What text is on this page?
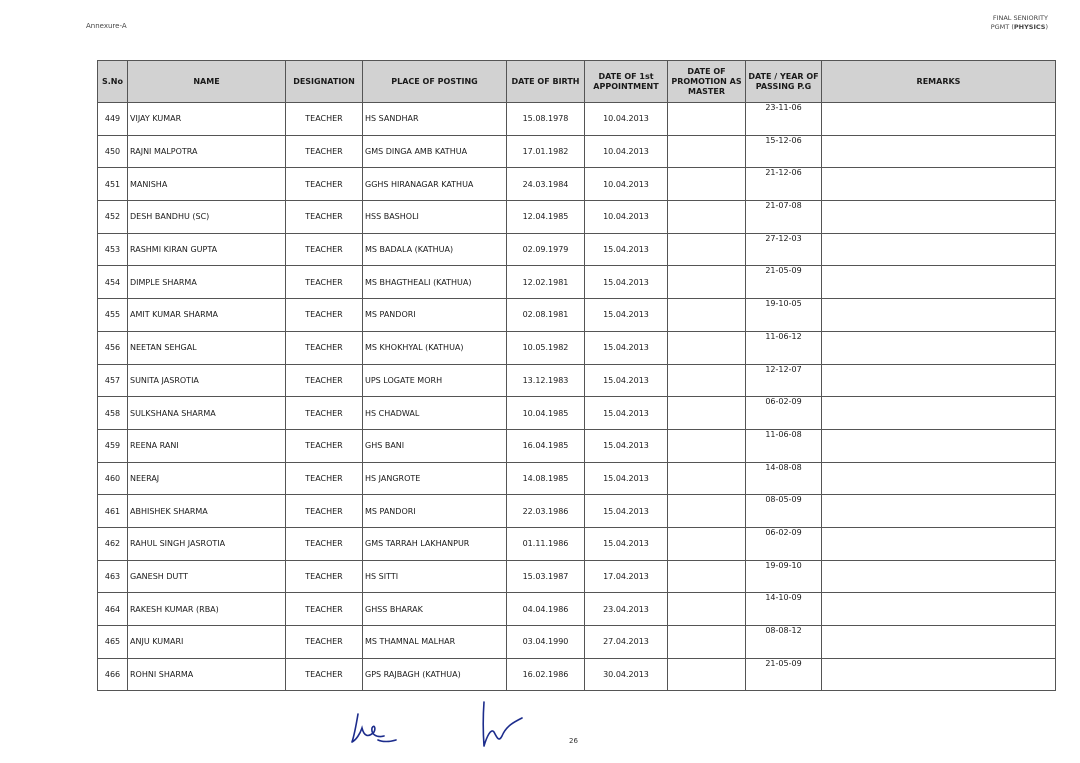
Annexure-A
FINAL SENIORITY
PGMT (PHYSICS)
S.No	NAME	DESIGNATION	PLACE OF POSTING	DATE OF BIRTH	DATE OF 1st APPOINTMENT	DATE OF PROMOTION AS MASTER	DATE / YEAR OF PASSING P.G	REMARKS
449	VIJAY KUMAR	TEACHER	HS SANDHAR	15.08.1978	10.04.2013		23-11-06	
450	RAJNI MALPOTRA	TEACHER	GMS DINGA AMB KATHUA	17.01.1982	10.04.2013		15-12-06	
451	MANISHA	TEACHER	GGHS HIRANAGAR KATHUA	24.03.1984	10.04.2013		21-12-06	
452	DESH BANDHU (SC)	TEACHER	HSS BASHOLI	12.04.1985	10.04.2013		21-07-08	
453	RASHMI KIRAN GUPTA	TEACHER	MS BADALA (KATHUA)	02.09.1979	15.04.2013		27-12-03	
454	DIMPLE SHARMA	TEACHER	MS BHAGTHEALI (KATHUA)	12.02.1981	15.04.2013		21-05-09	
455	AMIT KUMAR SHARMA	TEACHER	MS PANDORI	02.08.1981	15.04.2013		19-10-05	
456	NEETAN SEHGAL	TEACHER	MS KHOKHYAL (KATHUA)	10.05.1982	15.04.2013		11-06-12	
457	SUNITA JASROTIA	TEACHER	UPS LOGATE MORH	13.12.1983	15.04.2013		12-12-07	
458	SULKSHANA SHARMA	TEACHER	HS CHADWAL	10.04.1985	15.04.2013		06-02-09	
459	REENA RANI	TEACHER	GHS BANI	16.04.1985	15.04.2013		11-06-08	
460	NEERAJ	TEACHER	HS JANGROTE	14.08.1985	15.04.2013		14-08-08	
461	ABHISHEK SHARMA	TEACHER	MS PANDORI	22.03.1986	15.04.2013		08-05-09	
462	RAHUL SINGH JASROTIA	TEACHER	GMS TARRAH LAKHANPUR	01.11.1986	15.04.2013		06-02-09	
463	GANESH DUTT	TEACHER	HS SITTI	15.03.1987	17.04.2013		19-09-10	
464	RAKESH KUMAR (RBA)	TEACHER	GHSS BHARAK	04.04.1986	23.04.2013		14-10-09	
465	ANJU KUMARI	TEACHER	MS THAMNAL MALHAR	03.04.1990	27.04.2013		08-08-12	
466	ROHNI SHARMA	TEACHER	GPS RAJBAGH (KATHUA)	16.02.1986	30.04.2013		21-05-09	
26
